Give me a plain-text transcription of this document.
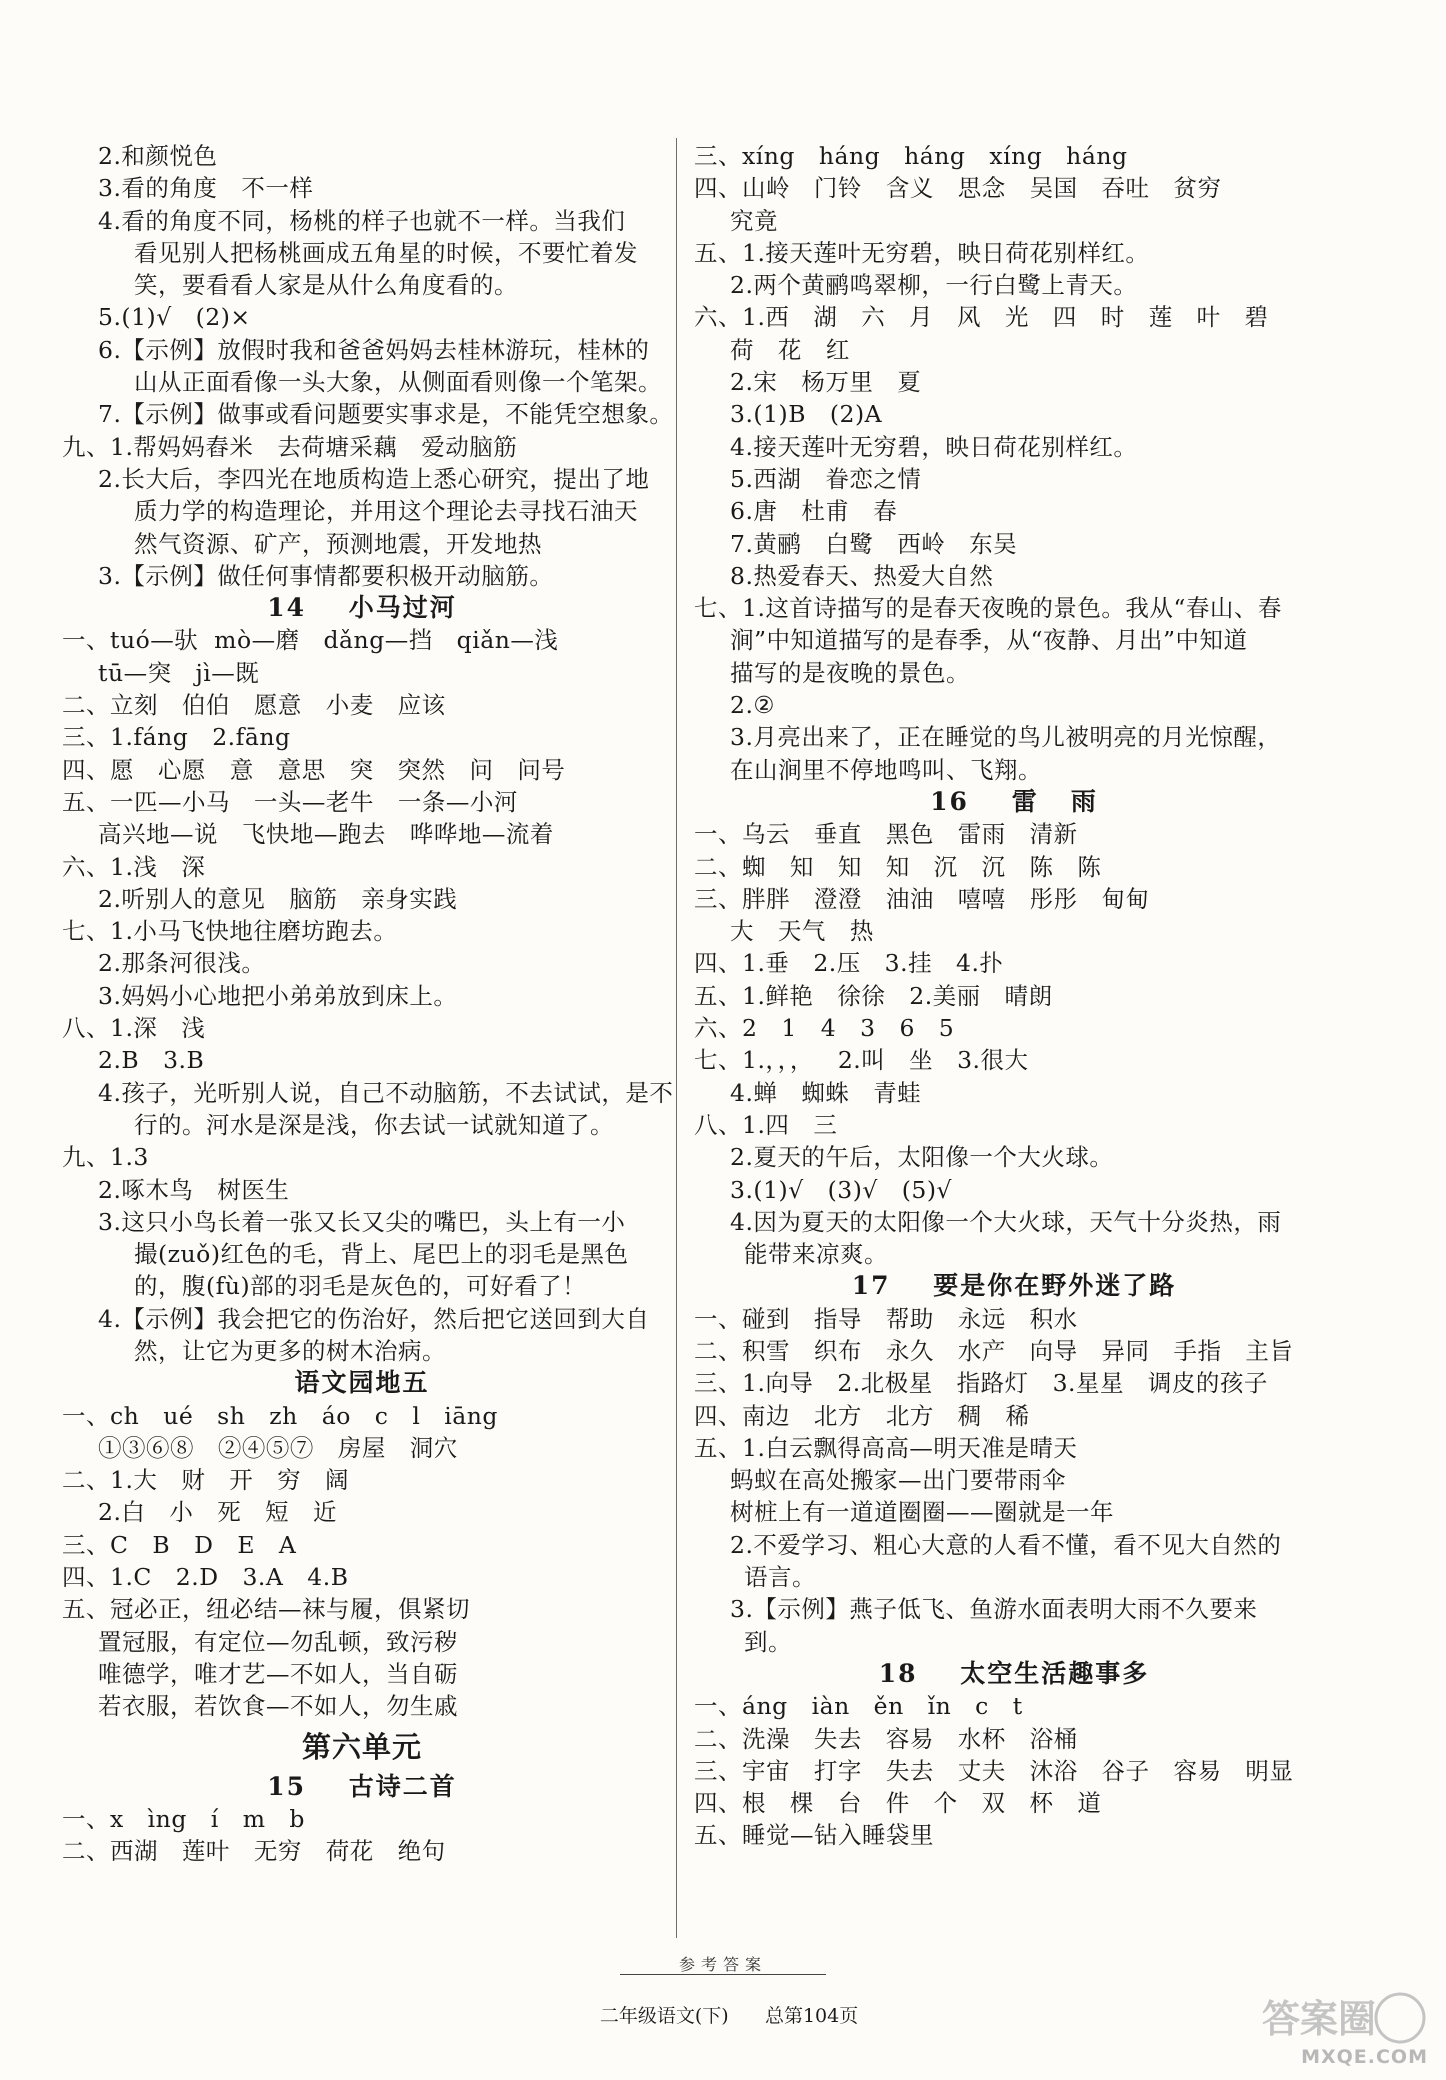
2.和颜悦色
3.看的角度   不一样
4.看的角度不同，杨桃的样子也就不一样。当我们
看见别人把杨桃画成五角星的时候，不要忙着发
笑，要看看人家是从什么角度看的。
5.(1)√   (2)×
6.【示例】放假时我和爸爸妈妈去桂林游玩，桂林的
山从正面看像一头大象，从侧面看则像一个笔架。
7.【示例】做事或看问题要实事求是，不能凭空想象。
九、1.帮妈妈舂米   去荷塘采藕   爱动脑筋
2.长大后，李四光在地质构造上悉心研究，提出了地
质力学的构造理论，并用这个理论去寻找石油天
然气资源、矿产，预测地震，开发地热
3.【示例】做任何事情都要积极开动脑筋。
14    小马过河
一、tuó—驮  mò—磨   dǎng—挡   qiǎn—浅
tū—突   jì—既
二、立刻   伯伯   愿意   小麦   应该
三、1.fáng   2.fāng
四、愿   心愿   意   意思   突   突然   问   问号
五、一匹—小马   一头—老牛   一条—小河
高兴地—说   飞快地—跑去   哗哗地—流着
六、1.浅   深
2.听别人的意见   脑筋   亲身实践
七、1.小马飞快地往磨坊跑去。
2.那条河很浅。
3.妈妈小心地把小弟弟放到床上。
八、1.深   浅
2.B   3.B
4.孩子，光听别人说，自己不动脑筋，不去试试，是不
行的。河水是深是浅，你去试一试就知道了。
九、1.3
2.啄木鸟   树医生
3.这只小鸟长着一张又长又尖的嘴巴，头上有一小
撮(zuǒ)红色的毛，背上、尾巴上的羽毛是黑色
的，腹(fù)部的羽毛是灰色的，可好看了！
4.【示例】我会把它的伤治好，然后把它送回到大自
然，让它为更多的树木治病。
语文园地五
一、ch   ué   sh   zh   áo   c   l   iāng
①③⑥⑧   ②④⑤⑦   房屋   洞穴
二、1.大   财   开   穷   阔
2.白   小   死   短   近
三、C   B   D   E   A
四、1.C   2.D   3.A   4.B
五、冠必正，纽必结—袜与履，俱紧切
置冠服，有定位—勿乱顿，致污秽
唯德学，唯才艺—不如人，当自砺
若衣服，若饮食—不如人，勿生戚
第六单元
15    古诗二首
一、x   ìng   í   m   b
二、西湖   莲叶   无穷   荷花   绝句
三、xíng   háng   háng   xíng   háng
四、山岭   门铃   含义   思念   吴国   吞吐   贫穷
究竟
五、1.接天莲叶无穷碧，映日荷花别样红。
2.两个黄鹂鸣翠柳，一行白鹭上青天。
六、1.西   湖   六   月   风   光   四   时   莲   叶   碧
荷   花   红
2.宋   杨万里   夏
3.(1)B   (2)A
4.接天莲叶无穷碧，映日荷花别样红。
5.西湖   眷恋之情
6.唐   杜甫   春
7.黄鹂   白鹭   西岭   东吴
8.热爱春天、热爱大自然
七、1.这首诗描写的是春天夜晚的景色。我从“春山、春
涧”中知道描写的是春季，从“夜静、月出”中知道
描写的是夜晚的景色。
2.②
3.月亮出来了，正在睡觉的鸟儿被明亮的月光惊醒，
在山涧里不停地鸣叫、飞翔。
16    雷   雨
一、乌云   垂直   黑色   雷雨   清新
二、蜘   知   知   知   沉   沉   陈   陈
三、胖胖   澄澄   油油   嘻嘻   彤彤   甸甸
大   天气   热
四、1.垂   2.压   3.挂   4.扑
五、1.鲜艳   徐徐   2.美丽   晴朗
六、2   1   4   3   6   5
七、1.，，，   2.叫   坐   3.很大
4.蝉   蜘蛛   青蛙
八、1.四   三
2.夏天的午后，太阳像一个大火球。
3.(1)√   (3)√   (5)√
4.因为夏天的太阳像一个大火球，天气十分炎热，雨
能带来凉爽。
17    要是你在野外迷了路
一、碰到   指导   帮助   永远   积水
二、积雪   织布   永久   水产   向导   异同   手指   主旨
三、1.向导   2.北极星   指路灯   3.星星   调皮的孩子
四、南边   北方   北方   稠   稀
五、1.白云飘得高高—明天准是晴天
蚂蚁在高处搬家—出门要带雨伞
树桩上有一道道圈圈——圈就是一年
2.不爱学习、粗心大意的人看不懂，看不见大自然的
语言。
3.【示例】燕子低飞、鱼游水面表明大雨不久要来
到。
18    太空生活趣事多
一、áng   iàn   ěn   ǐn   c   t
二、洗澡   失去   容易   水杯   浴桶
三、宇宙   打字   失去   丈夫   沐浴   谷子   容易   明显
四、根   棵   台   件   个   双   杯   道
五、睡觉—钻入睡袋里
参考答案

二年级语文(下) 总第104页	答案圈
MXQE.COM
